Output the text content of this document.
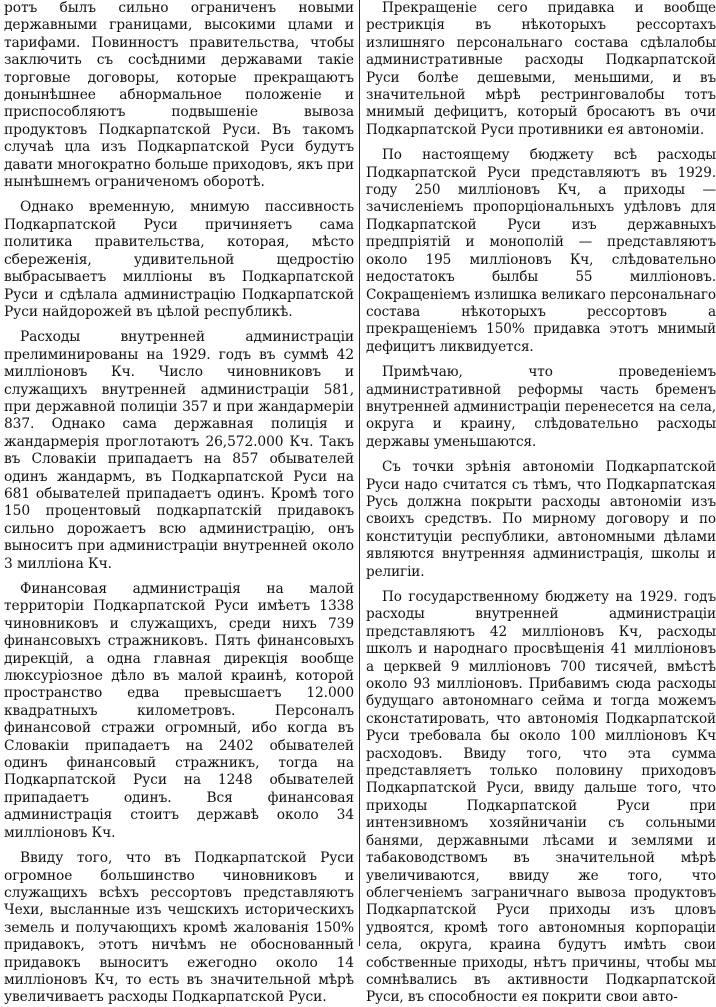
ротъ былъ сильно ограниченъ новыми державными границами, высокими цлами и тарифами. Повинностъ правительства, чтобы заключить съ сосѣдними державами такіе торговые договоры, которые прекращаютъ донынѣшнее абнормальное положеніе и приспособляютъ подвышеніе вывоза продуктовъ Подкарпатской Руси. Въ такомъ случаѣ цла изъ Подкарпатской Руси будутъ давати многократно больше приходовъ, якъ при нынѣшнемъ ограниченомъ оборотѣ.

Однако временную, мнимую пассивность Подкарпатской Руси причиняетъ сама политика правительства, которая, мѣсто сбереженія, удивительной щедростію выбрасываетъ милліоны въ Подкарпатской Руси и сдѣлала администрацію Подкарпатской Руси найдорожей въ цѣлой республикѣ.

Расходы внутренней администраціи прелиминированы на 1929. годъ въ суммѣ 42 милліоновъ Кч. Число чиновниковъ и служащихъ внутренней администраціи 581, при державной полиціи 357 и при жандармеріи 837. Однако сама державная полиція и жандармерія проглотаютъ 26,572.000 Кч. Такъ въ Словакіи припадаетъ на 857 обывателей одинъ жандармъ, въ Подкарпатской Руси на 681 обывателей припадаетъ одинъ. Кромѣ того 150 процентовый подкарпатскій придавокъ сильно дорожаетъ всю администрацію, онъ выноситъ при администраціи внутренней около 3 милліона Кч.

Финансовая администрація на малой территоріи Подкарпатской Руси имѣетъ 1338 чиновниковъ и служащихъ, среди нихъ 739 финансовыхъ стражниковъ. Пять финансовыхъ дирекцій, а одна главная дирекція вообще люксуріозное дѣло въ малой краинѣ, которой пространство едва превысшаетъ 12.000 квадратныхъ километровъ. Персоналъ финансовой стражи огромный, ибо когда въ Словакіи припадаетъ на 2402 обывателей одинъ финансовый стражникъ, тогда на Подкарпатской Руси на 1248 обывателей припадаетъ одинъ. Вся финансовая администрація стоитъ державѣ около 34 милліоновъ Кч.

Ввиду того, что въ Подкарпатской Руси огромное большинство чиновниковъ и служащихъ всѣхъ рессортовъ представляютъ Чехи, высланные изъ чешскихъ историческихъ земель и получающихъ кромѣ жалованія 150% придавокъ, этотъ ничѣмъ не обоснованный придавокъ выноситъ ежегодно около 14 милліоновъ Кч, то есть въ значительной мѣрѣ увеличиваетъ расходы Подкарпатской Руси.

Прекращеніе сего придавка и вообще рестрикція въ нѣкоторыхъ рессортахъ излишняго персональнаго состава сдѣлалобы административные расходы Подкарпатской Руси болѣе дешевыми, меньшими, и въ значительной мѣрѣ рестринговалобы тотъ мнимый дефицитъ, который бросаютъ въ очи Подкарпатской Руси противники ея автономіи.

По настоящему бюджету всѣ расходы Подкарпатской Руси представляютъ въ 1929. году 250 милліоновъ Кч, а приходы — зачисленіемъ пропорціональныхъ удѣловъ для Подкарпатской Руси изъ державныхъ предпріятій и монополій — представляютъ около 195 милліоновъ Кч, слѣдовательно недостатокъ былбы 55 милліоновъ. Сокращеніемъ излишка великаго персональнаго состава нѣкоторыхъ рессортовъ а прекращеніемъ 150% придавка этотъ мнимый дефицитъ ликвидуется.

Примѣчаю, что проведеніемъ административной реформы часть бременъ внутренней администраціи перенесется на села, округа и краину, слѣдовательно расходы державы уменьшаются.

Съ точки зрѣнія автономіи Подкарпатской Руси надо считатся съ тѣмъ, что Подкарпатская Русь должна покрыти расходы автономіи изъ своихъ средствъ. По мирному договору и по конституціи республики, автономными дѣлами являются внутренняя администрація, школы и религіи.

По государственному бюджету на 1929. годъ расходы внутренней администраціи представляютъ 42 милліоновъ Кч, расходы школъ и народнаго просвѣщенія 41 милліоновъ а церквей 9 милліоновъ 700 тисячей, вмѣстѣ около 93 милліоновъ. Прибавимъ сюда расходы будущаго автономнаго сейма и тогда можемъ сконстатировать, что автономія Подкарпатской Руси требовала бы около 100 милліоновъ Кч расходовъ. Ввиду того, что эта сумма представляетъ только половину приходовъ Подкарпатской Руси, ввиду дальше того, что приходы Подкарпатской Руси при интензивномъ хозяйничаніи съ сольными банями, державными лѣсами и землями и табаководствомъ въ значительной мѣрѣ увеличиваются, ввиду же того, что облегченіемъ заграничнаго вывоза продуктовъ Подкарпатской Руси приходы изъ цловъ удвоятся, кромѣ того автономныя корпораціи села, округа, краина будутъ имѣть свои собственные приходы, нѣтъ причины, чтобы мы сомнѣвались въ активности Подкарпатской Руси, въ способности ея покрити свои авто-
